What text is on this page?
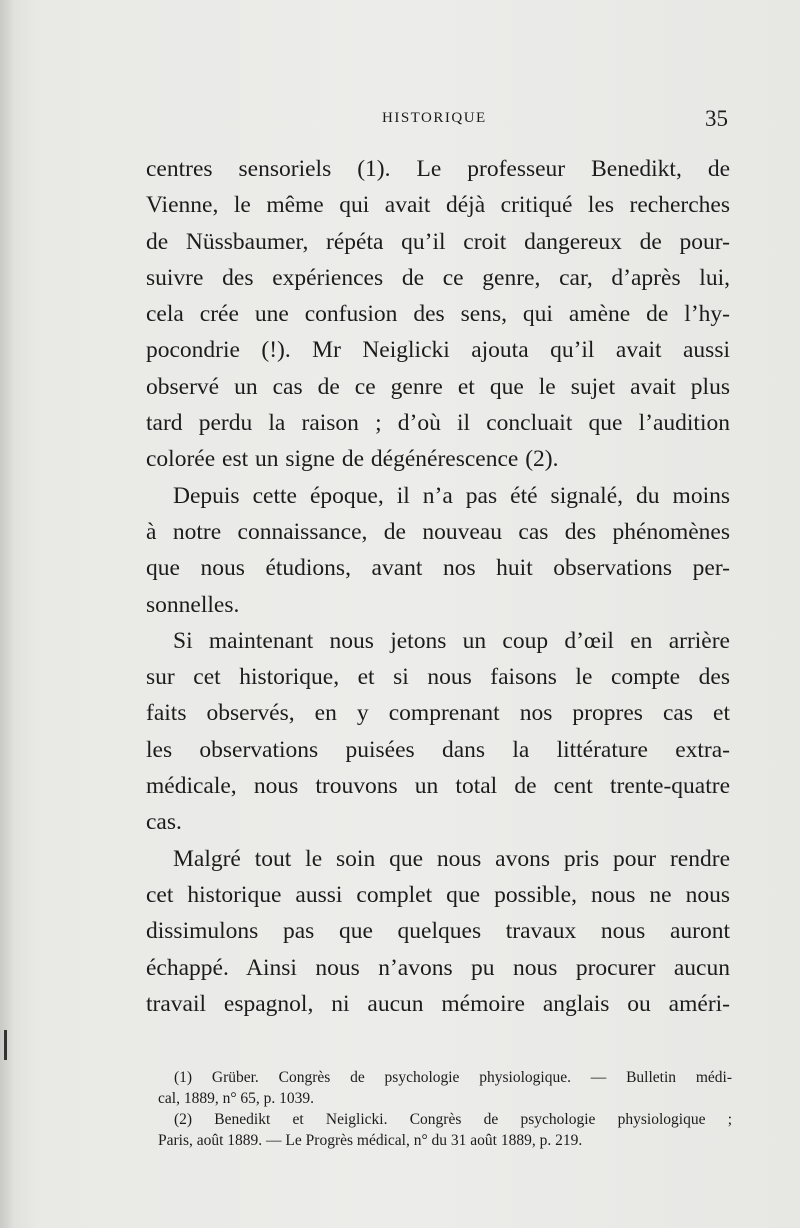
HISTORIQUE	35
centres sensoriels (1). Le professeur Benedikt, de
Vienne, le même qui avait déjà critiqué les recherches
de Nüssbaumer, répéta qu’il croit dangereux de pour-
suivre des expériences de ce genre, car, d’après lui,
cela crée une confusion des sens, qui amène de l’hy-
pocondrie (!). Mr Neiglicki ajouta qu’il avait aussi
observé un cas de ce genre et que le sujet avait plus
tard perdu la raison ; d’où il concluait que l’audition
colorée est un signe de dégénérescence (2).
Depuis cette époque, il n’a pas été signalé, du moins
à notre connaissance, de nouveau cas des phénomènes
que nous étudions, avant nos huit observations per-
sonnelles.
Si maintenant nous jetons un coup d’œil en arrière
sur cet historique, et si nous faisons le compte des
faits observés, en y comprenant nos propres cas et
les observations puisées dans la littérature extra-
médicale, nous trouvons un total de cent trente-quatre
cas.
Malgré tout le soin que nous avons pris pour rendre
cet historique aussi complet que possible, nous ne nous
dissimulons pas que quelques travaux nous auront
échappé. Ainsi nous n’avons pu nous procurer aucun
travail espagnol, ni aucun mémoire anglais ou améri-
(1) Grüber. Congrès de psychologie physiologique. — Bulletin médi-
cal, 1889, n° 65, p. 1039.
(2) Benedikt et Neiglicki. Congrès de psychologie physiologique ;
Paris, août 1889. — Le Progrès médical, n° du 31 août 1889, p. 219.
